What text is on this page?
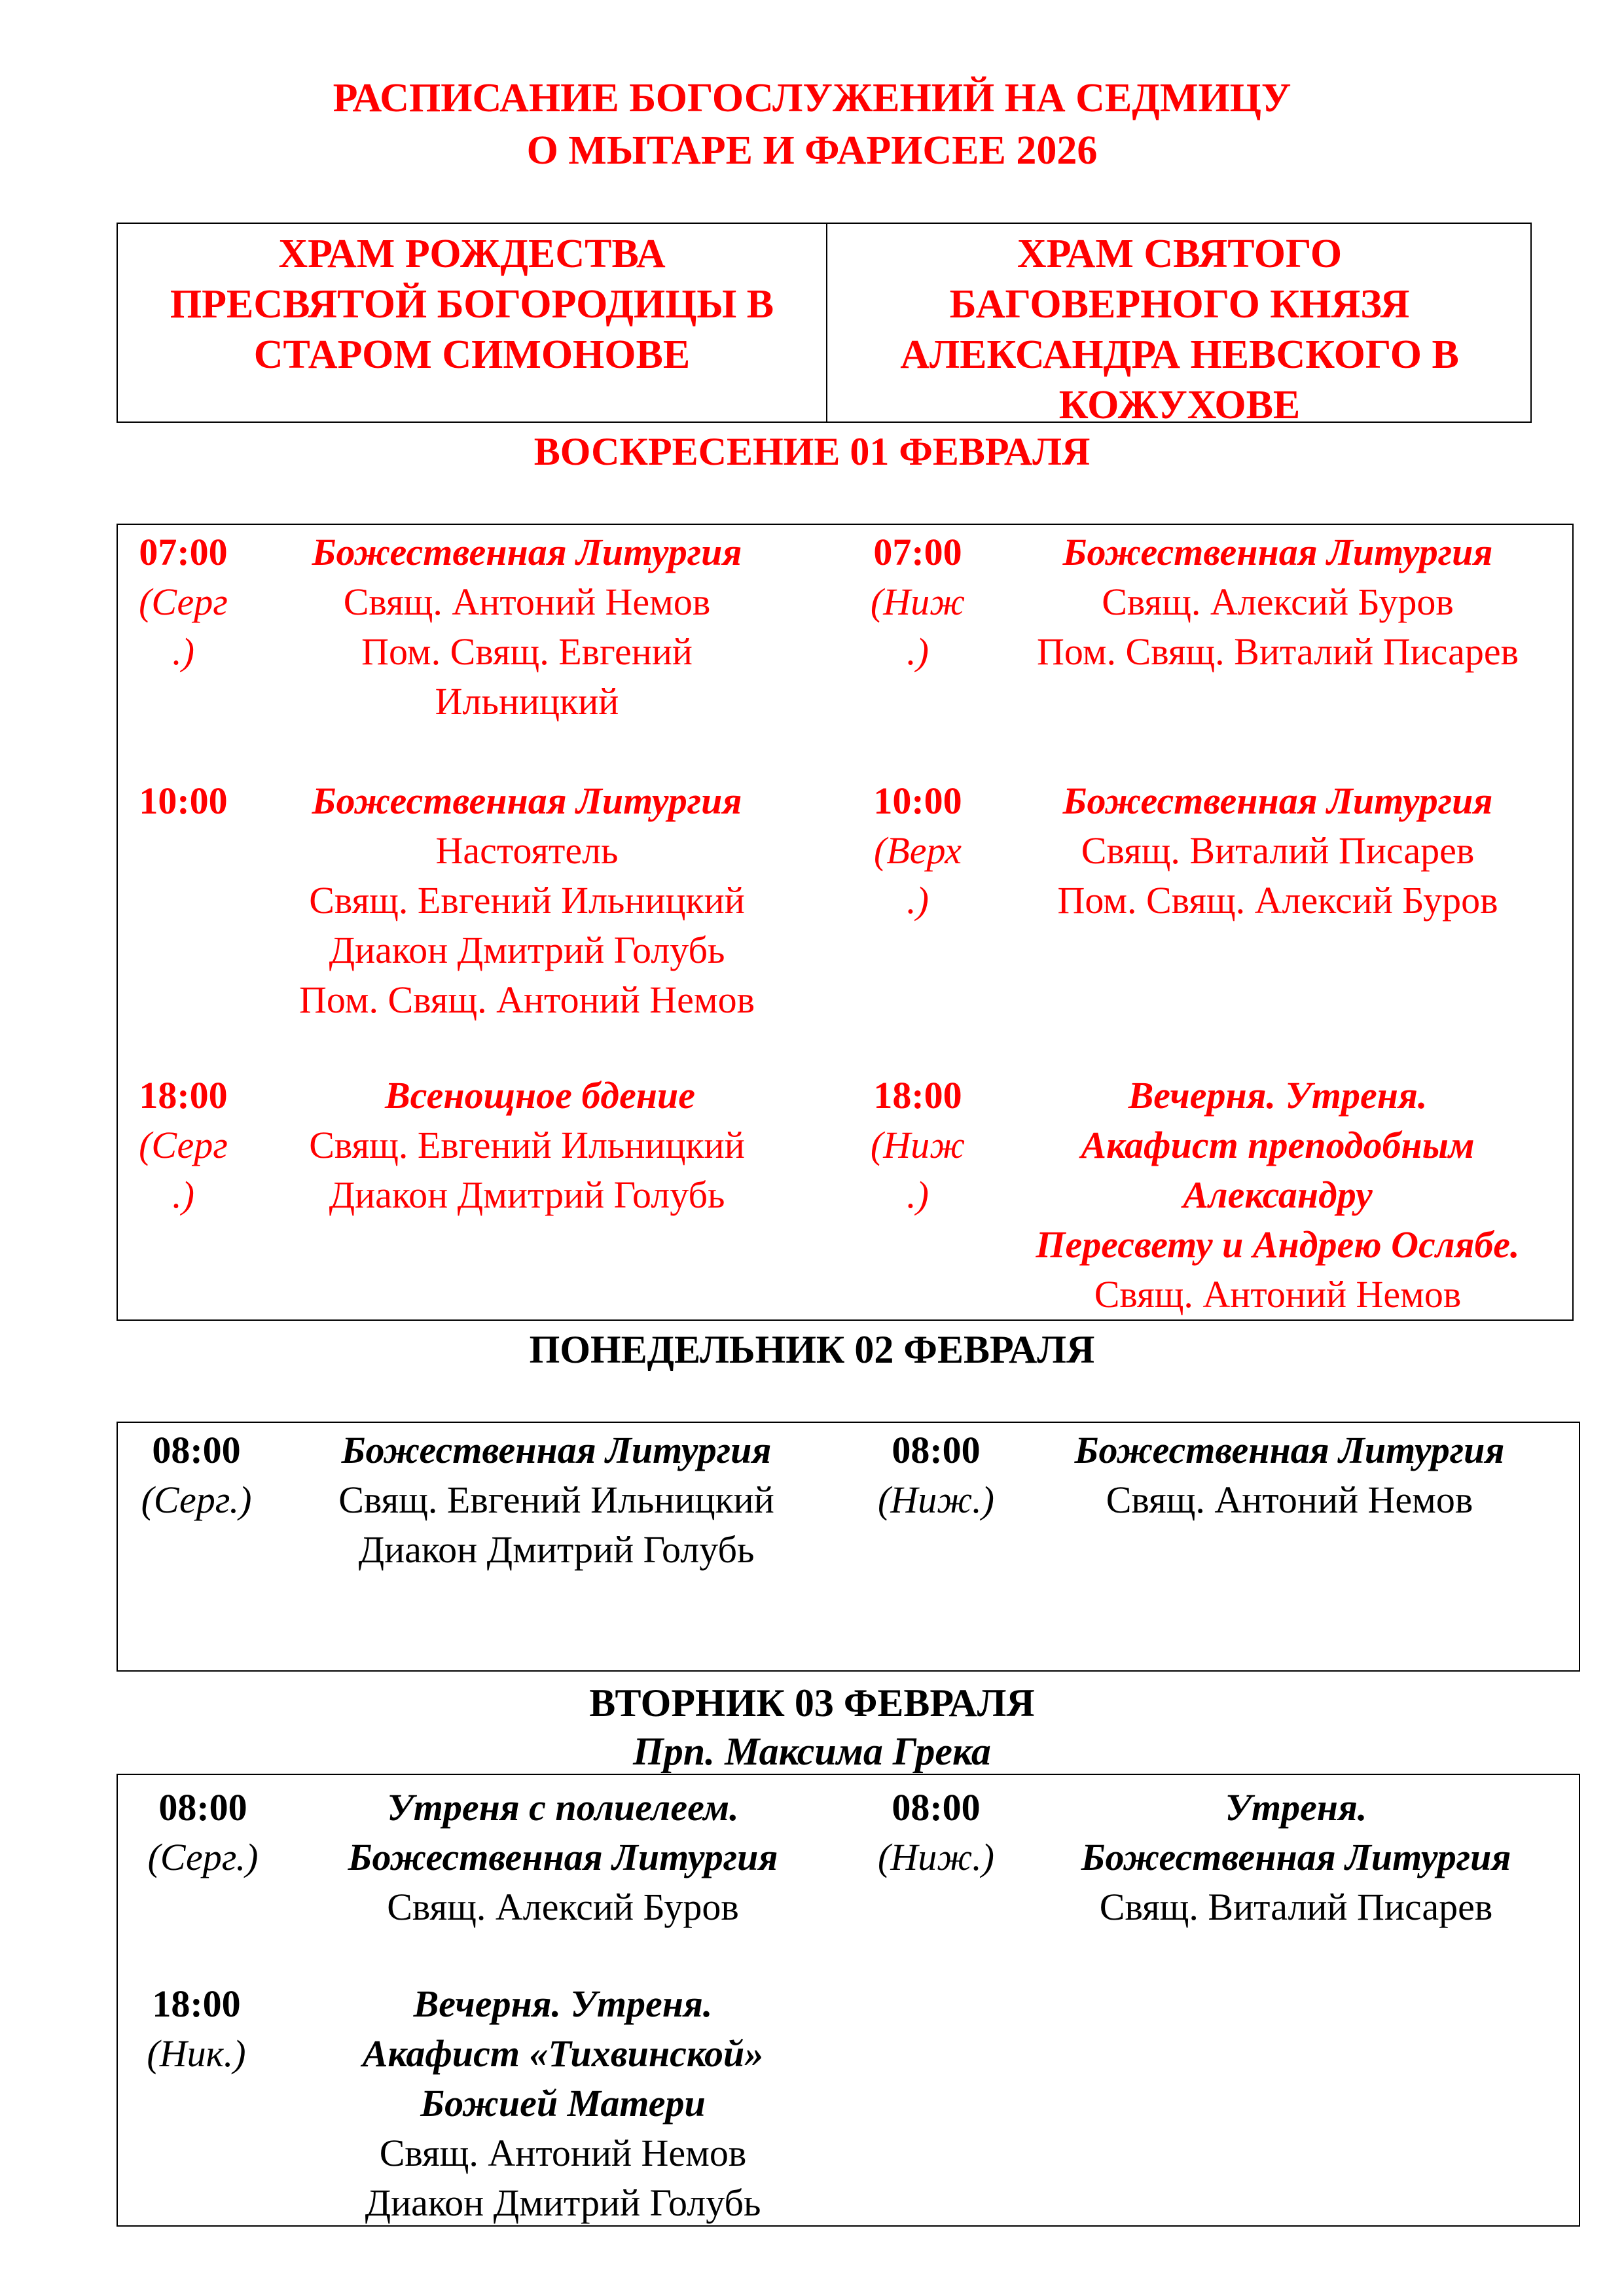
РАСПИСАНИЕ БОГОСЛУЖЕНИЙ НА СЕДМИЦУ
О МЫТАРЕ И ФАРИСЕЕ 2026
ХРАМ РОЖДЕСТВА
ПРЕСВЯТОЙ БОГОРОДИЦЫ В
СТАРОМ СИМОНОВЕ
ХРАМ СВЯТОГО
БАГОВЕРНОГО КНЯЗЯ
АЛЕКСАНДРА НЕВСКОГО В
КОЖУХОВЕ
ВОСКРЕСЕНИЕ 01 ФЕВРАЛЯ
07:00
(Серг
.)
Божественная Литургия
Свящ. Антоний Немов
Пом. Свящ. Евгений
Ильницкий
10:00	Божественная Литургия
Настоятель
Свящ. Евгений Ильницкий
Диакон Дмитрий Голубь
Пом. Свящ. Антоний Немов
18:00
(Серг
.)
Всенощное бдение
Свящ. Евгений Ильницкий
Диакон Дмитрий Голубь
07:00
(Ниж
.)
Божественная Литургия
Свящ. Алексий Буров
Пом. Свящ. Виталий Писарев
10:00
(Верх
.)
Божественная Литургия
Свящ. Виталий Писарев
Пом. Свящ. Алексий Буров
18:00
(Ниж
.)
Вечерня. Утреня.
Акафист преподобным
Александру
Пересвету и Андрею Ослябе.
Свящ. Антоний Немов
ПОНЕДЕЛЬНИК 02 ФЕВРАЛЯ
08:00
(Серг.)
Божественная Литургия
Свящ. Евгений Ильницкий
Диакон Дмитрий Голубь
08:00
(Ниж.)
Божественная Литургия
Свящ. Антоний Немов
ВТОРНИК 03 ФЕВРАЛЯ
Прп. Максима Грека
08:00
(Серг.)
Утреня с полиелеем.
Божественная Литургия
Свящ. Алексий Буров
18:00
(Ник.)
Вечерня. Утреня.
Акафист «Тихвинской»
Божией Матери
Свящ. Антоний Немов
Диакон Дмитрий Голубь
08:00
(Ниж.)
Утреня.
Божественная Литургия
Свящ. Виталий Писарев
